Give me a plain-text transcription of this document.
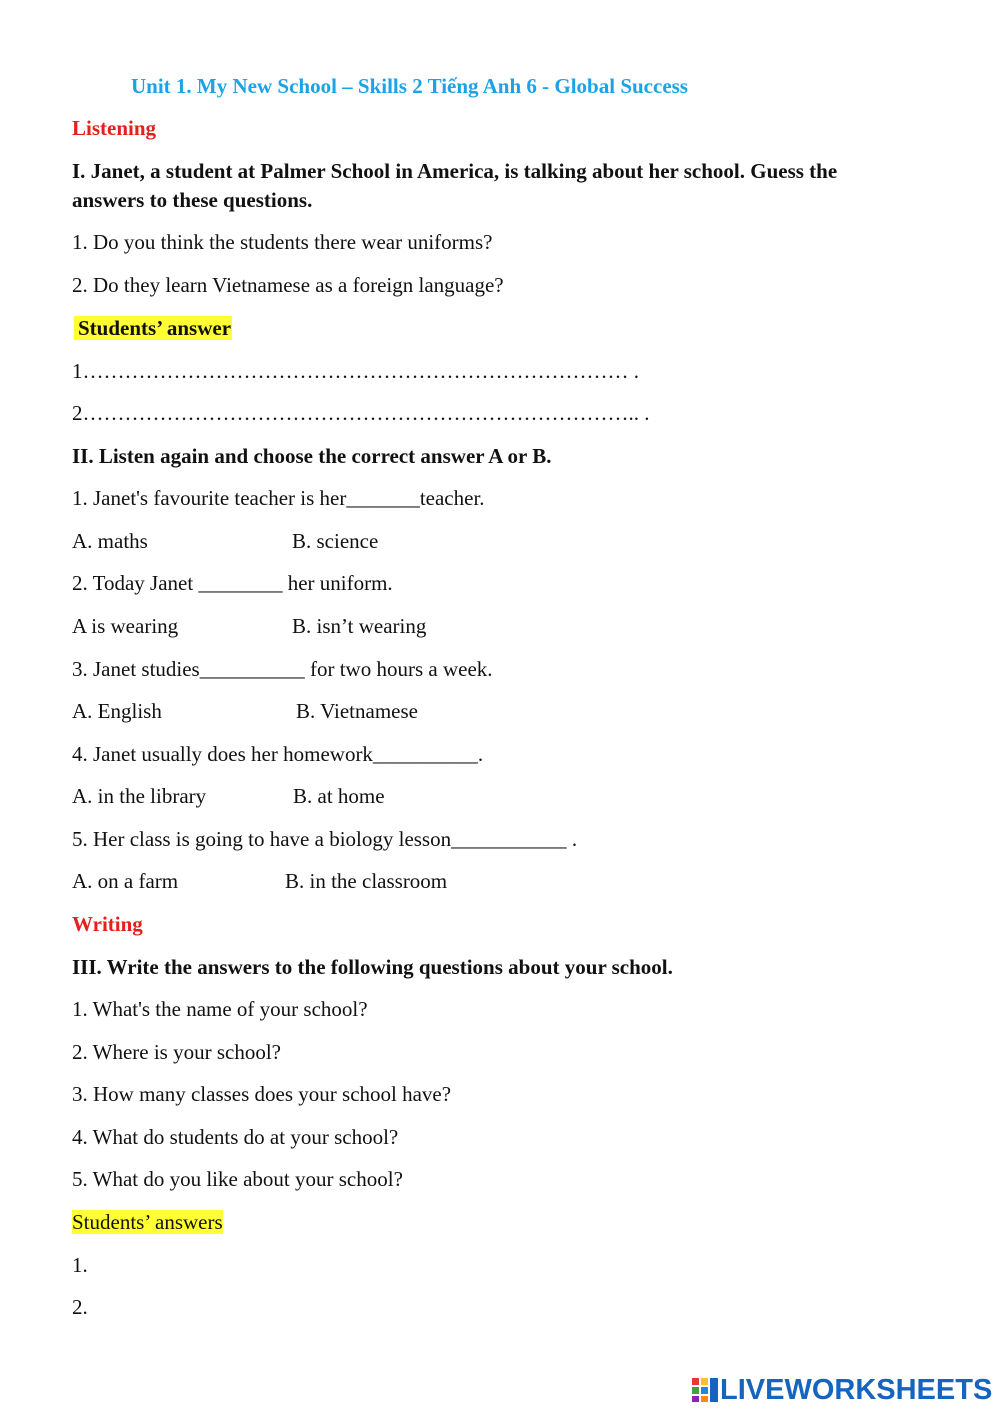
Unit 1. My New School – Skills 2 Tiếng Anh 6 - Global Success
Listening
I. Janet, a student at Palmer School in America, is talking about her school. Guess the
answers to these questions.
1. Do you think the students there wear uniforms?
2. Do they learn Vietnamese as a foreign language?
Students’ answer
1…………………………………………………………………… .
2…………………………………………………………………….. .
II. Listen again and choose the correct answer A or B.
1. Janet's favourite teacher is her_______teacher.
A. maths	B. science
2. Today Janet ________ her uniform.
A is wearing	B. isn’t wearing
3. Janet studies__________ for two hours a week.
A. English	B. Vietnamese
4. Janet usually does her homework__________.
A. in the library	B. at home
5. Her class is going to have a biology lesson___________ .
A. on a farm	B. in the classroom
Writing
III. Write the answers to the following questions about your school.
1. What's the name of your school?
2. Where is your school?
3. How many classes does your school have?
4. What do students do at your school?
5. What do you like about your school?
Students’ answers
1.
2.
LIVEWORKSHEETS
